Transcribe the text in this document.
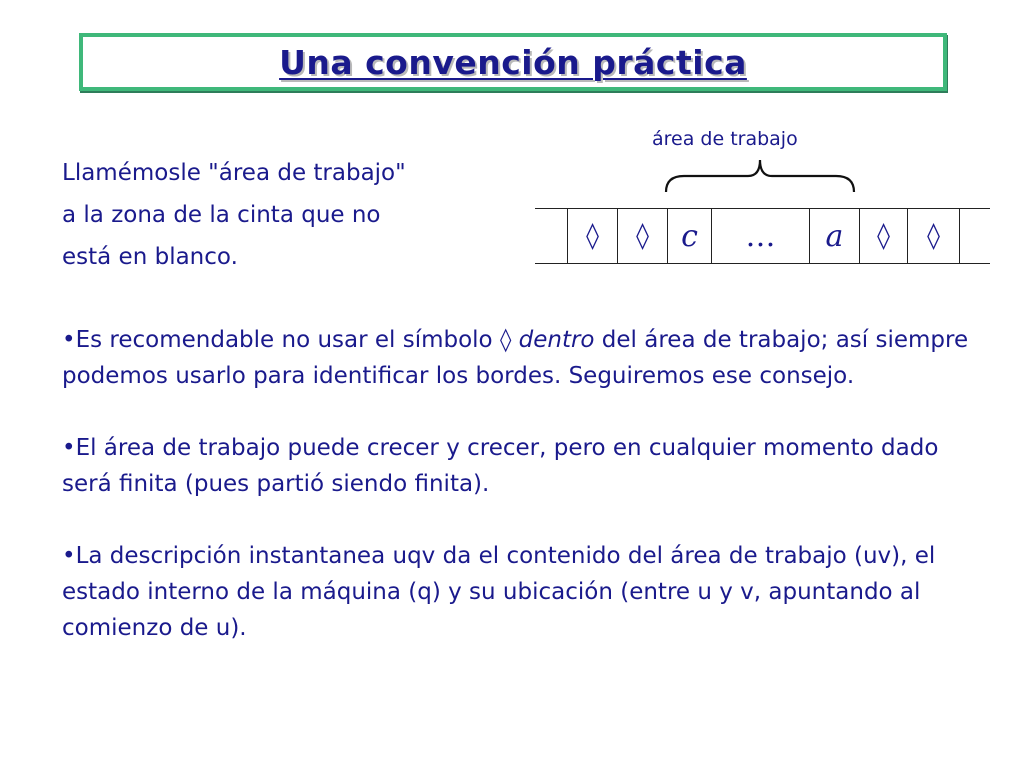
Una convención práctica
Llamémosle "área de trabajo"
a la zona de la cinta que no
está en blanco.
área de trabajo
◊ ◊ c … a ◊ ◊

•Es recomendable no usar el símbolo ◊ dentro del área de trabajo; así siempre podemos usarlo para identificar los bordes. Seguiremos ese consejo.

•El área de trabajo puede crecer y crecer, pero en cualquier momento dado será finita (pues partió siendo finita).

•La descripción instantanea uqv da el contenido del área de trabajo (uv), el estado interno de la máquina (q) y su ubicación (entre u y v, apuntando al comienzo de u).
